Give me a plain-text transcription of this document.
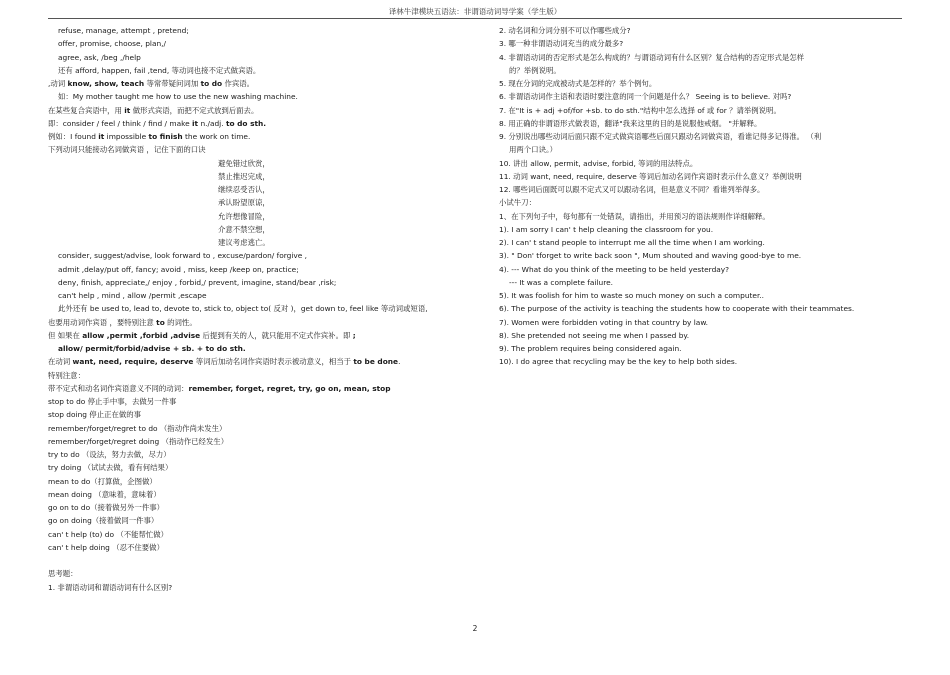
译林牛津模块五语法：非谓语动词导学案（学生版）
refuse, manage, attempt , pretend;
offer, promise, choose, plan,/
agree, ask, /beg ,/help
还有 afford, happen, fail ,tend, 等动词也接不定式做宾语。
,动词 know, show, teach 等常带疑问词加 to do 作宾语。
如：My mother taught me how to use the new washing machine.
在某些复合宾语中，用 it 做形式宾语，而把不定式放到后面去。
即：consider / feel / think / find / make it n./adj. to do sth.
例如：I found it impossible to finish the work on time.
下列动词只能接动名词做宾语 ，记住下面的口诀
避免错过欣赏，
禁止推迟完成，
继续忍受否认，
承认盼望原谅，
允许想像冒险，
介意不禁空想，
建议考虑逃亡。
consider, suggest/advise, look forward to , excuse/pardon/ forgive ,
admit ,delay/put off, fancy; avoid , miss, keep /keep on, practice;
deny, finish, appreciate,/ enjoy , forbid,/ prevent, imagine, stand/bear ,risk;
can't help , mind , allow /permit ,escape
此外还有 be used to, lead to, devote to, stick to, object to( 反对 )，get down to, feel like 等动词或短语,
也要用动词作宾语 ，要特别注意 to 的词性。
但 如果在 allow ,permit ,forbid ,advise 后提到有关的人，就只能用不定式作宾补。即 ;
allow/ permit/forbid/advise + sb. + to do sth.
在动词 want, need, require, deserve 等词后加动名词作宾语时表示被动意义，相当于 to be done.
特别注意：
带不定式和动名词作宾语意义不同的动词：remember, forget, regret, try, go on, mean, stop
stop to do 停止手中事，去做另一件事
stop doing 停止正在做的事
remember/forget/regret to do （指动作尚未发生）
remember/forget/regret doing （指动作已经发生）
try to do （设法，努力去做，尽力）
try doing （试试去做，看有何结果）
mean to do（打算做，企图做）
mean doing （意味着，意味着）
go on to do（接着做另外一件事）
go on doing（接着做同一件事）
can' t help (to) do （不能帮忙做）
can' t help doing （忍不住要做）
思考题：
1. 非谓语动词和谓语动词有什么区别?
2. 动名词和分词分别不可以作哪些成分?
3. 哪一种非谓语动词充当的成分最多?
4. 非谓语动词的否定形式是怎么构成的？与谓语动词有什么区别？复合结构的否定形式是怎样
的？举例说明。
5. 现在分词的完成被动式是怎样的？举个例句。
6. 非谓语动词作主语和表语时要注意的同一个问题是什么？ Seeing is to believe. 对吗?
7. 在"It is + adj +of/for +sb. to do sth."结构中怎么选择 of 或 for ？请举例说明。
8. 用正确的非谓语形式做表语，翻译"我来这里的目的是说服他戒烟。 "并解释。
9. 分别说出哪些动词后面只跟不定式做宾语哪些后面只跟动名词做宾语，看谁记得多记得准。 （利
用两个口诀。）
10. 讲出 allow, permit, advise, forbid, 等词的用法特点。
11. 动词 want, need, require, deserve 等词后加动名词作宾语时表示什么意义？举例说明
12. 哪些词后面既可以跟不定式又可以跟动名词，但是意义不同？看谁列举得多。
小试牛刀：
1、在下列句子中，每句都有一处错误，请指出，并用预习的语法规则作详细解释。
1). I am sorry I can' t help cleaning the classroom for you.
2). I can' t stand people to interrupt me all the time when I am working.
3). " Don' tforget to write back soon ", Mum shouted and waving good-bye to me.
4). --- What do you think of the meeting to be held yesterday?
--- It was a complete failure.
5). It was foolish for him to waste so much money on such a computer..
6). The purpose of the activity is teaching the students how to cooperate with their teammates.
7). Women were forbidden voting in that country by law.
8). She pretended not seeing me when I passed by.
9). The problem requires being considered again.
10). I do agree that recycling may be the key to help both sides.
2
